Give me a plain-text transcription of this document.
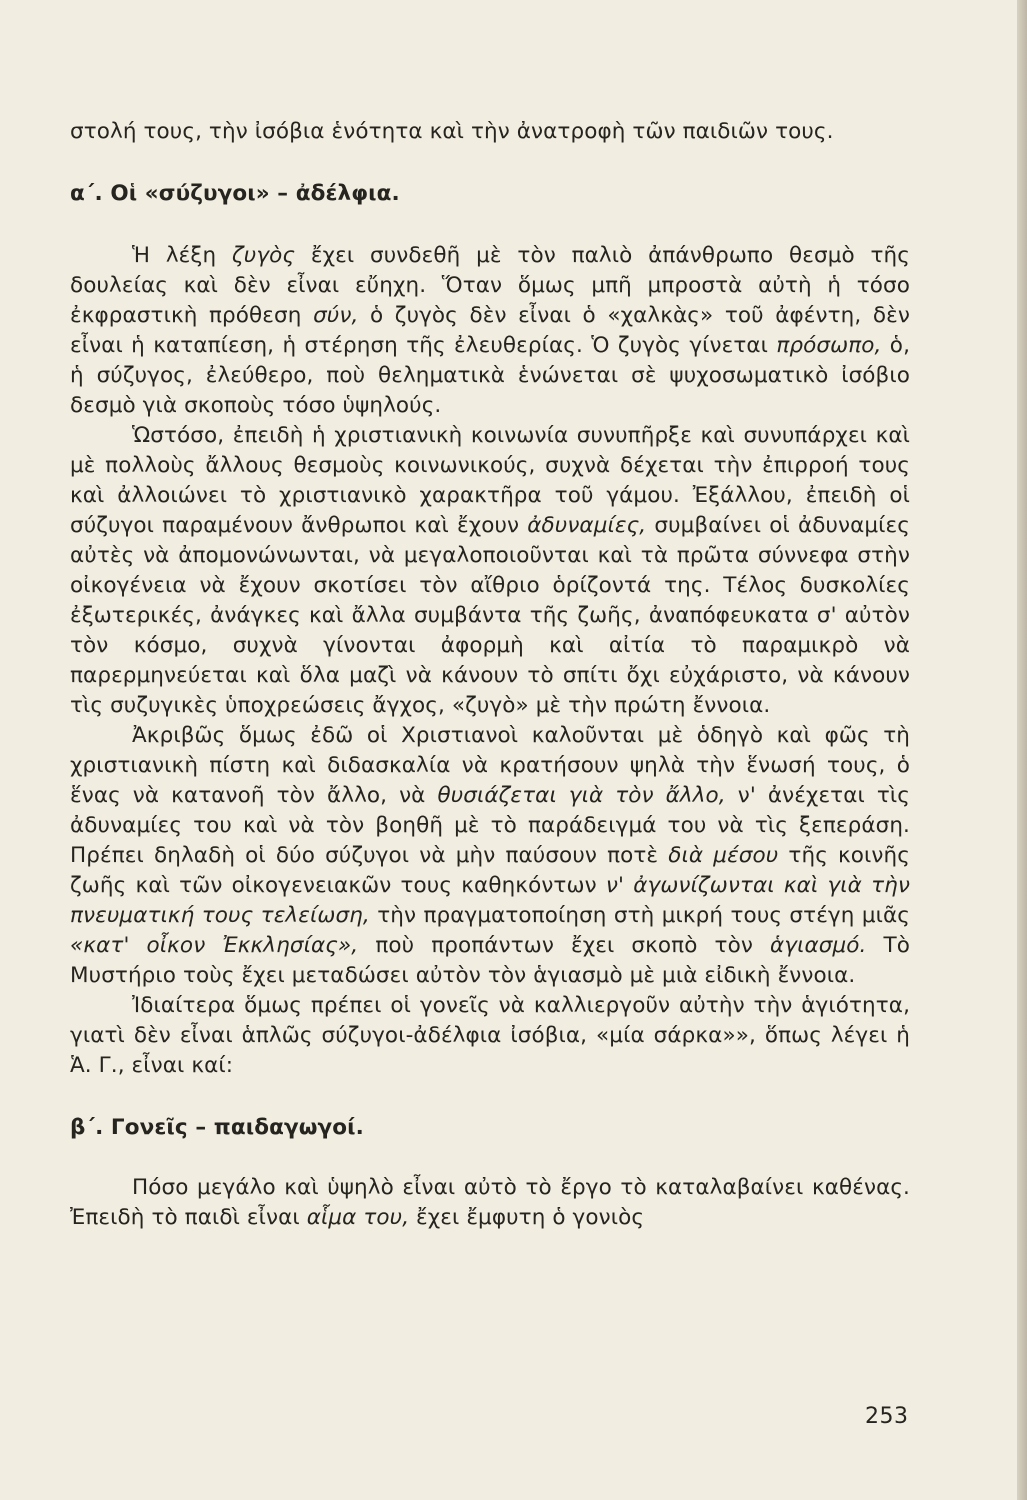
στολή τους, τὴν ἰσόβια ἑνότητα καὶ τὴν ἀνατροφὴ τῶν παιδιῶν τους.

α΄. Οἱ «σύζυγοι» – ἀδέλφια.

Ἡ λέξη ζυγὸς ἔχει συνδεθῆ μὲ τὸν παλιὸ ἀπάνθρωπο θεσμὸ τῆς δουλείας καὶ δὲν εἶναι εὔηχη. Ὅταν ὅμως μπῆ μπροστὰ αὐτὴ ἡ τόσο ἐκφραστικὴ πρόθεση σύν, ὁ ζυγὸς δὲν εἶναι ὁ «χαλκὰς» τοῦ ἀφέντη, δὲν εἶναι ἡ καταπίεση, ἡ στέρηση τῆς ἐλευθερίας. Ὁ ζυγὸς γίνεται πρόσωπο, ὁ, ἡ σύζυγος, ἐλεύθερο, ποὺ θεληματικὰ ἑνώνεται σὲ ψυχοσωματικὸ ἰσόβιο δεσμὸ γιὰ σκοποὺς τόσο ὑψηλούς.

Ὡστόσο, ἐπειδὴ ἡ χριστιανικὴ κοινωνία συνυπῆρξε καὶ συνυπάρχει καὶ μὲ πολλοὺς ἄλλους θεσμοὺς κοινωνικούς, συχνὰ δέχεται τὴν ἐπιρροή τους καὶ ἀλλοιώνει τὸ χριστιανικὸ χαρακτῆρα τοῦ γάμου. Ἐξάλλου, ἐπειδὴ οἱ σύζυγοι παραμένουν ἄνθρωποι καὶ ἔχουν ἀδυναμίες, συμβαίνει οἱ ἀδυναμίες αὐτὲς νὰ ἀπομονώνωνται, νὰ μεγαλοποιοῦνται καὶ τὰ πρῶτα σύννεφα στὴν οἰκογένεια νὰ ἔχουν σκοτίσει τὸν αἴθριο ὁρίζοντά της. Τέλος δυσκολίες ἐξωτερικές, ἀνάγκες καὶ ἄλλα συμβάντα τῆς ζωῆς, ἀναπόφευκατα σ' αὐτὸν τὸν κόσμο, συχνὰ γίνονται ἀφορμὴ καὶ αἰτία τὸ παραμικρὸ νὰ παρερμηνεύεται καὶ ὅλα μαζὶ νὰ κάνουν τὸ σπίτι ὄχι εὐχάριστο, νὰ κάνουν τὶς συζυγικὲς ὑποχρεώσεις ἄγχος, «ζυγὸ» μὲ τὴν πρώτη ἔννοια.

Ἀκριβῶς ὅμως ἐδῶ οἱ Χριστιανοὶ καλοῦνται μὲ ὁδηγὸ καὶ φῶς τὴ χριστιανικὴ πίστη καὶ διδασκαλία νὰ κρατήσουν ψηλὰ τὴν ἕνωσή τους, ὁ ἕνας νὰ κατανοῆ τὸν ἄλλο, νὰ θυσιάζεται γιὰ τὸν ἄλλο, ν' ἀνέχεται τὶς ἀδυναμίες του καὶ νὰ τὸν βοηθῆ μὲ τὸ παράδειγμά του νὰ τὶς ξεπεράση. Πρέπει δηλαδὴ οἱ δύο σύζυγοι νὰ μὴν παύσουν ποτὲ διὰ μέσου τῆς κοινῆς ζωῆς καὶ τῶν οἰκογενειακῶν τους καθηκόντων ν' ἀγωνίζωνται καὶ γιὰ τὴν πνευματική τους τελείωση, τὴν πραγματοποίηση στὴ μικρή τους στέγη μιᾶς «κατ' οἶκον Ἐκκλησίας», ποὺ προπάντων ἔχει σκοπὸ τὸν ἁγιασμό. Τὸ Μυστήριο τοὺς ἔχει μεταδώσει αὐτὸν τὸν ἁγιασμὸ μὲ μιὰ εἰδικὴ ἔννοια.

Ἰδιαίτερα ὅμως πρέπει οἱ γονεῖς νὰ καλλιεργοῦν αὐτὴν τὴν ἁγιότητα, γιατὶ δὲν εἶναι ἁπλῶς σύζυγοι-ἀδέλφια ἰσόβια, «μία σάρκα»», ὅπως λέγει ἡ Ἁ. Γ., εἶναι καί:

β΄. Γονεῖς – παιδαγωγοί.

Πόσο μεγάλο καὶ ὑψηλὸ εἶναι αὐτὸ τὸ ἔργο τὸ καταλαβαίνει καθένας. Ἐπειδὴ τὸ παιδὶ εἶναι αἷμα του, ἔχει ἔμφυτη ὁ γονιὸς

253
